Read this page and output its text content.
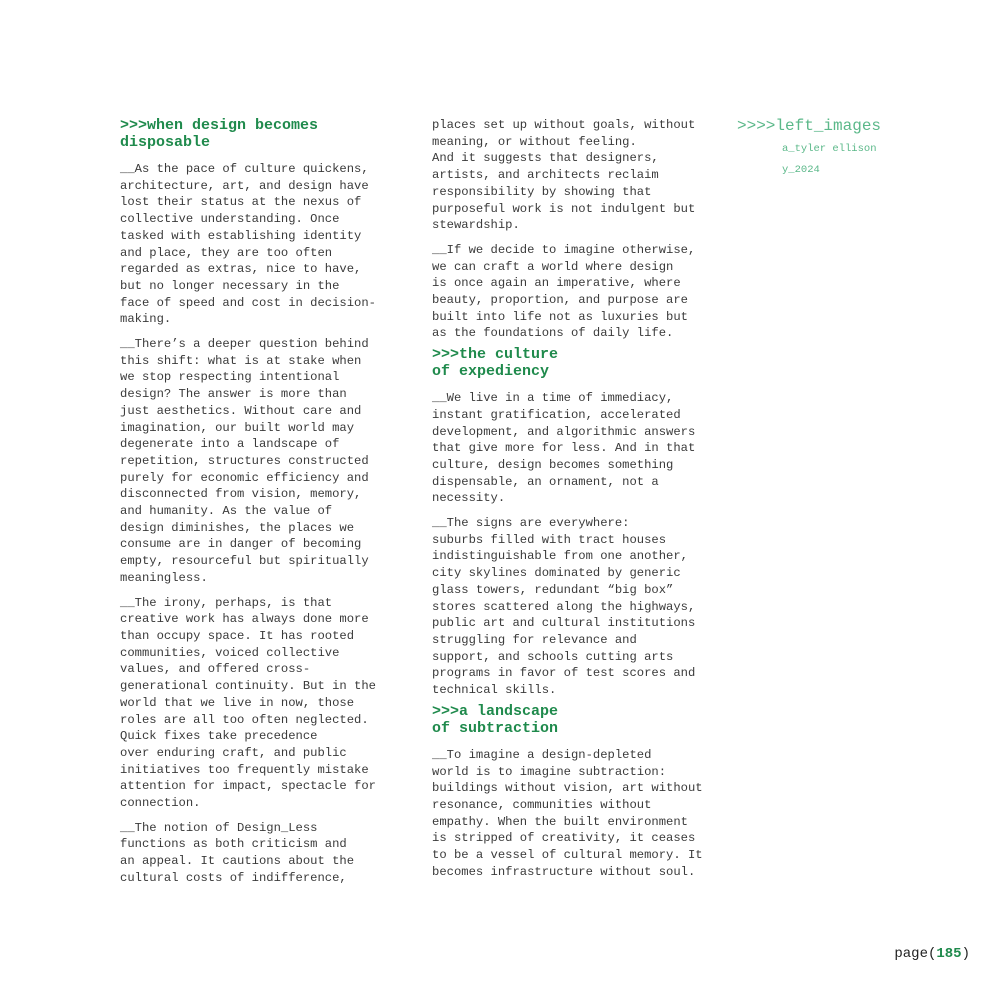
>>>when design becomes
disposable

__As the pace of culture quickens,
architecture, art, and design have
lost their status at the nexus of
collective understanding. Once
tasked with establishing identity
and place, they are too often
regarded as extras, nice to have,
but no longer necessary in the
face of speed and cost in decision-
making.

__There’s a deeper question behind
this shift: what is at stake when
we stop respecting intentional
design? The answer is more than
just aesthetics. Without care and
imagination, our built world may
degenerate into a landscape of
repetition, structures constructed
purely for economic efficiency and
disconnected from vision, memory,
and humanity. As the value of
design diminishes, the places we
consume are in danger of becoming
empty, resourceful but spiritually
meaningless.

__The irony, perhaps, is that
creative work has always done more
than occupy space. It has rooted
communities, voiced collective
values, and offered cross-
generational continuity. But in the
world that we live in now, those
roles are all too often neglected.
Quick fixes take precedence
over enduring craft, and public
initiatives too frequently mistake
attention for impact, spectacle for
connection.

__The notion of Design_Less
functions as both criticism and
an appeal. It cautions about the
cultural costs of indifference,

places set up without goals, without
meaning, or without feeling.
And it suggests that designers,
artists, and architects reclaim
responsibility by showing that
purposeful work is not indulgent but
stewardship.

__If we decide to imagine otherwise,
we can craft a world where design
is once again an imperative, where
beauty, proportion, and purpose are
built into life not as luxuries but
as the foundations of daily life.

>>>the culture
of expediency

__We live in a time of immediacy,
instant gratification, accelerated
development, and algorithmic answers
that give more for less. And in that
culture, design becomes something
dispensable, an ornament, not a
necessity.

__The signs are everywhere:
suburbs filled with tract houses
indistinguishable from one another,
city skylines dominated by generic
glass towers, redundant “big box”
stores scattered along the highways,
public art and cultural institutions
struggling for relevance and
support, and schools cutting arts
programs in favor of test scores and
technical skills.

>>>a landscape
of subtraction

__To imagine a design-depleted
world is to imagine subtraction:
buildings without vision, art without
resonance, communities without
empathy. When the built environment
is stripped of creativity, it ceases
to be a vessel of cultural memory. It
becomes infrastructure without soul.

>>>>left_images
a_tyler ellison
y_2024
page(185)
